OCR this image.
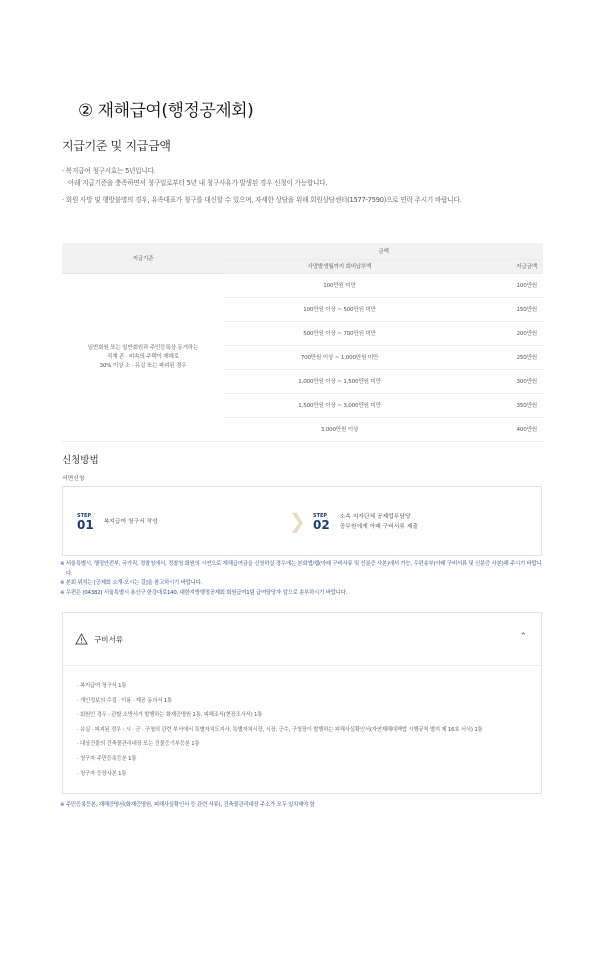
② 재해급여(행정공제회)
지급기준 및 지급금액
· 복지급여 청구시효는 5년입니다.
아래 지급기준을 충족하면서 청구일로부터 5년 내 청구사유가 발생된 경우 신청이 가능합니다.
· 회원 사망 및 행방불명의 경우, 유족대표가 청구를 대신할 수 있으며, 자세한 상담을 위해 회원상담센터(1577-7590)으로 연락 주시기 바랍니다.
지급기준	금액	
	사망발생월까지 회비납부액	지급금액

일반회원 또는 일반회원과 주민등록상 동거하는
직계 존 · 비속의 주택이 재해로
30% 이상 소 · 유실 또는 파괴된 경우	100만원 미만	100만원
	100만원 이상 ~ 500만원 미만	150만원
	500만원 이상 ~ 700만원 미만	200만원
	700만원 이상 ~ 1,000만원 미만	250만원
	1,000만원 이상 ~ 1,500만원 미만	300만원
	1,500만원 이상 ~ 3,000만원 미만	350만원
	3,000만원 이상	400만원
신청방법
서면신청
STEP
01 복지급여 청구서 작성	❯ STEP
02
소속 지자단체 공제업무담당
공무원에게 아래 구비서류 제출
※ 서울특별시, 행정안전부, 국가직, 경찰청에서, 경찰청 회원의 시연으로 재해급여금을 신청하실 경우에는 본회앱/웹(아래 구비서류 및 신분증 사본)에서 가능, 우편송부(아래 구비서류 및 신분증 사본)해 주시기 바랍니다.
※ 본회 위치는 [공제회 소개-오시는 길]을 참고하시기 바랍니다.
※ 우편은 (04382) 서울특별시 용산구 한강대로140, 대한지방행정공제회 회원급여1팀 급여담당자 앞으로 송부하시기 바랍니다.
구비서류	⌃
· 복지급여 청구서 1통
· 개인정보의 수집 · 이용 · 제공 동의서 1통
· 회원인 경우 : 관할 소방서가 발행하는 화재증명원 1통, 피해조서(현장조사서) 1통
· 유실 · 피괴된 경우 : 시 · 군 · 구청의 관련 부서에서 특별자치도지사, 특별자치시장, 시장, 군수, 구청장이 발행하는 피해사실확인서(자연재해대책법 시행규칙 별지 제 16호 서식) 1통
· 대상건물의 건축물관리대장 또는 건물등기부등본 1통
· 청구자 주민등록등본 1통
· 청구자 등장사본 1통
※ 주민등록등본, 재해증명서(화재증명원, 피해사실확인서 등 관련 서류), 건축물관리대장 주소가 모두 일치해야 함
